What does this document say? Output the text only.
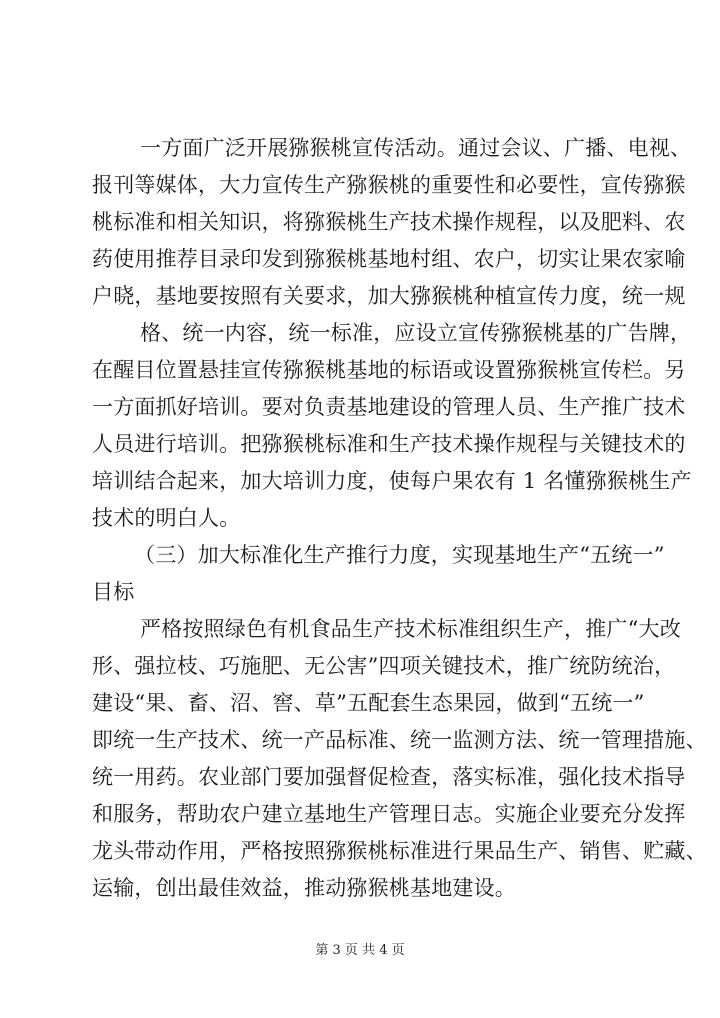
一方面广泛开展猕猴桃宣传活动。通过会议、广播、电视、
报刊等媒体，大力宣传生产猕猴桃的重要性和必要性，宣传猕猴
桃标准和相关知识，将猕猴桃生产技术操作规程，以及肥料、农
药使用推荐目录印发到猕猴桃基地村组、农户，切实让果农家喻
户晓，基地要按照有关要求，加大猕猴桃种植宣传力度，统一规
格、统一内容，统一标准，应设立宣传猕猴桃基的广告牌，
在醒目位置悬挂宣传猕猴桃基地的标语或设置猕猴桃宣传栏。另
一方面抓好培训。要对负责基地建设的管理人员、生产推广技术
人员进行培训。把猕猴桃标准和生产技术操作规程与关键技术的
培训结合起来，加大培训力度，使每户果农有 1 名懂猕猴桃生产
技术的明白人。
（三）加大标准化生产推行力度，实现基地生产“五统一”
目标
严格按照绿色有机食品生产技术标准组织生产，推广“大改
形、强拉枝、巧施肥、无公害”四项关键技术，推广统防统治，
建设“果、畜、沼、窖、草”五配套生态果园，做到“五统一”
即统一生产技术、统一产品标准、统一监测方法、统一管理措施、
统一用药。农业部门要加强督促检查，落实标准，强化技术指导
和服务，帮助农户建立基地生产管理日志。实施企业要充分发挥
龙头带动作用，严格按照猕猴桃标准进行果品生产、销售、贮藏、
运输，创出最佳效益，推动猕猴桃基地建设。
第 3 页 共 4 页
